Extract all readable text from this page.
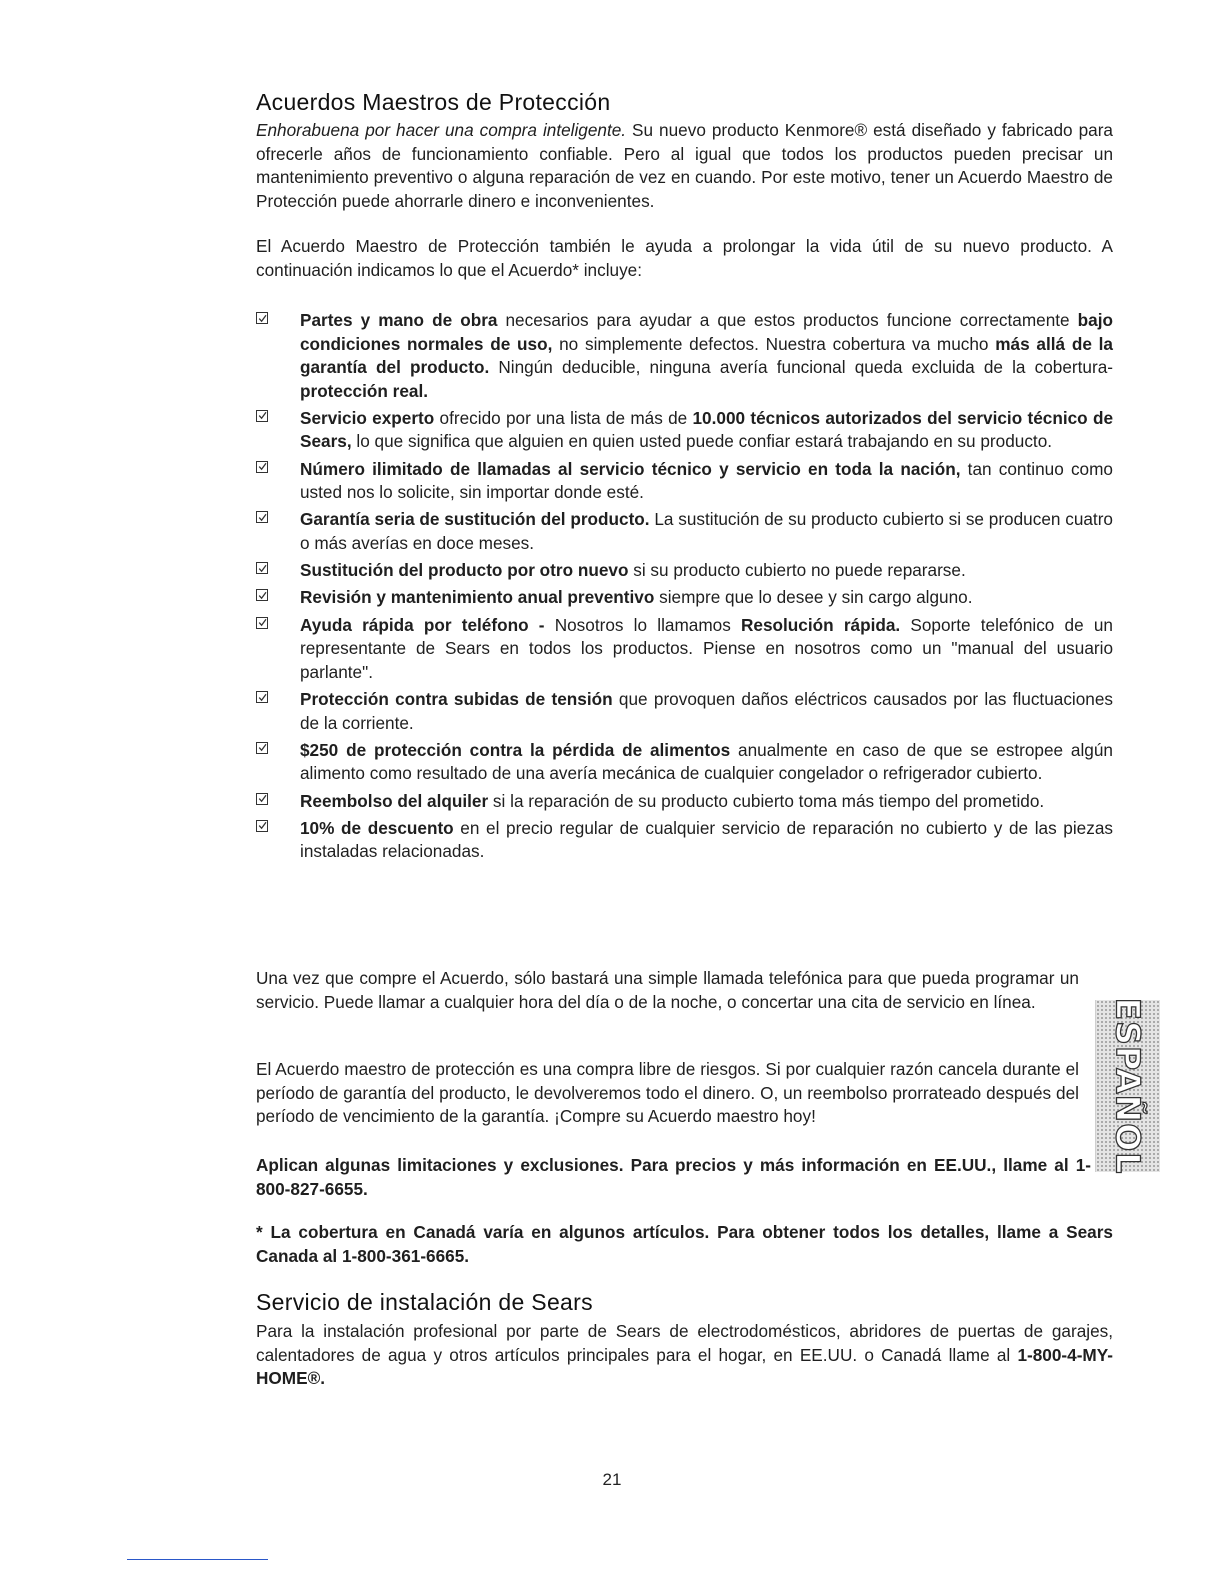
Acuerdos Maestros de Protección

Enhorabuena por hacer una compra inteligente. Su nuevo producto Kenmore® está diseñado y fabricado para ofrecerle años de funcionamiento confiable. Pero al igual que todos los productos pueden precisar un mantenimiento preventivo o alguna reparación de vez en cuando. Por este motivo, tener un Acuerdo Maestro de Protección puede ahorrarle dinero e inconvenientes.

El Acuerdo Maestro de Protección también le ayuda a prolongar la vida útil de su nuevo producto. A continuación indicamos lo que el Acuerdo* incluye:

Partes y mano de obra necesarios para ayudar a que estos productos funcione correctamente bajo condiciones normales de uso, no simplemente defectos. Nuestra cobertura va mucho más allá de la garantía del producto. Ningún deducible, ninguna avería funcional queda excluida de la cobertura- protección real.
Servicio experto ofrecido por una lista de más de 10.000 técnicos autorizados del servicio técnico de Sears, lo que significa que alguien en quien usted puede confiar estará trabajando en su producto.
Número ilimitado de llamadas al servicio técnico y servicio en toda la nación, tan continuo como usted nos lo solicite, sin importar donde esté.
Garantía seria de sustitución del producto. La sustitución de su producto cubierto si se producen cuatro o más averías en doce meses.
Sustitución del producto por otro nuevo si su producto cubierto no puede repararse.
Revisión y mantenimiento anual preventivo siempre que lo desee y sin cargo alguno.
Ayuda rápida por teléfono - Nosotros lo llamamos Resolución rápida. Soporte telefónico de un representante de Sears en todos los productos. Piense en nosotros como un "manual del usuario parlante".
Protección contra subidas de tensión que provoquen daños eléctricos causados por las fluctuaciones de la corriente.
$250 de protección contra la pérdida de alimentos anualmente en caso de que se estropee algún alimento como resultado de una avería mecánica de cualquier congelador o refrigerador cubierto.
Reembolso del alquiler si la reparación de su producto cubierto toma más tiempo del prometido.
10% de descuento en el precio regular de cualquier servicio de reparación no cubierto y de las piezas instaladas relacionadas.

Una vez que compre el Acuerdo, sólo bastará una simple llamada telefónica para que pueda programar un servicio. Puede llamar a cualquier hora del día o de la noche, o concertar una cita de servicio en línea.

El Acuerdo maestro de protección es una compra libre de riesgos. Si por cualquier razón cancela durante el período de garantía del producto, le devolveremos todo el dinero. O, un reembolso prorrateado después del período de vencimiento de la garantía. ¡Compre su Acuerdo maestro hoy!

Aplican algunas limitaciones y exclusiones. Para precios y más información en EE.UU., llame al 1-800-827-6655.

* La cobertura en Canadá varía en algunos artículos. Para obtener todos los detalles, llame a Sears Canada al 1-800-361-6665.

Servicio de instalación de Sears

Para la instalación profesional por parte de Sears de electrodomésticos, abridores de puertas de garajes, calentadores de agua y otros artículos principales para el hogar, en EE.UU. o Canadá llame al 1-800-4-MY-HOME®.

ESPAÑOL
21
